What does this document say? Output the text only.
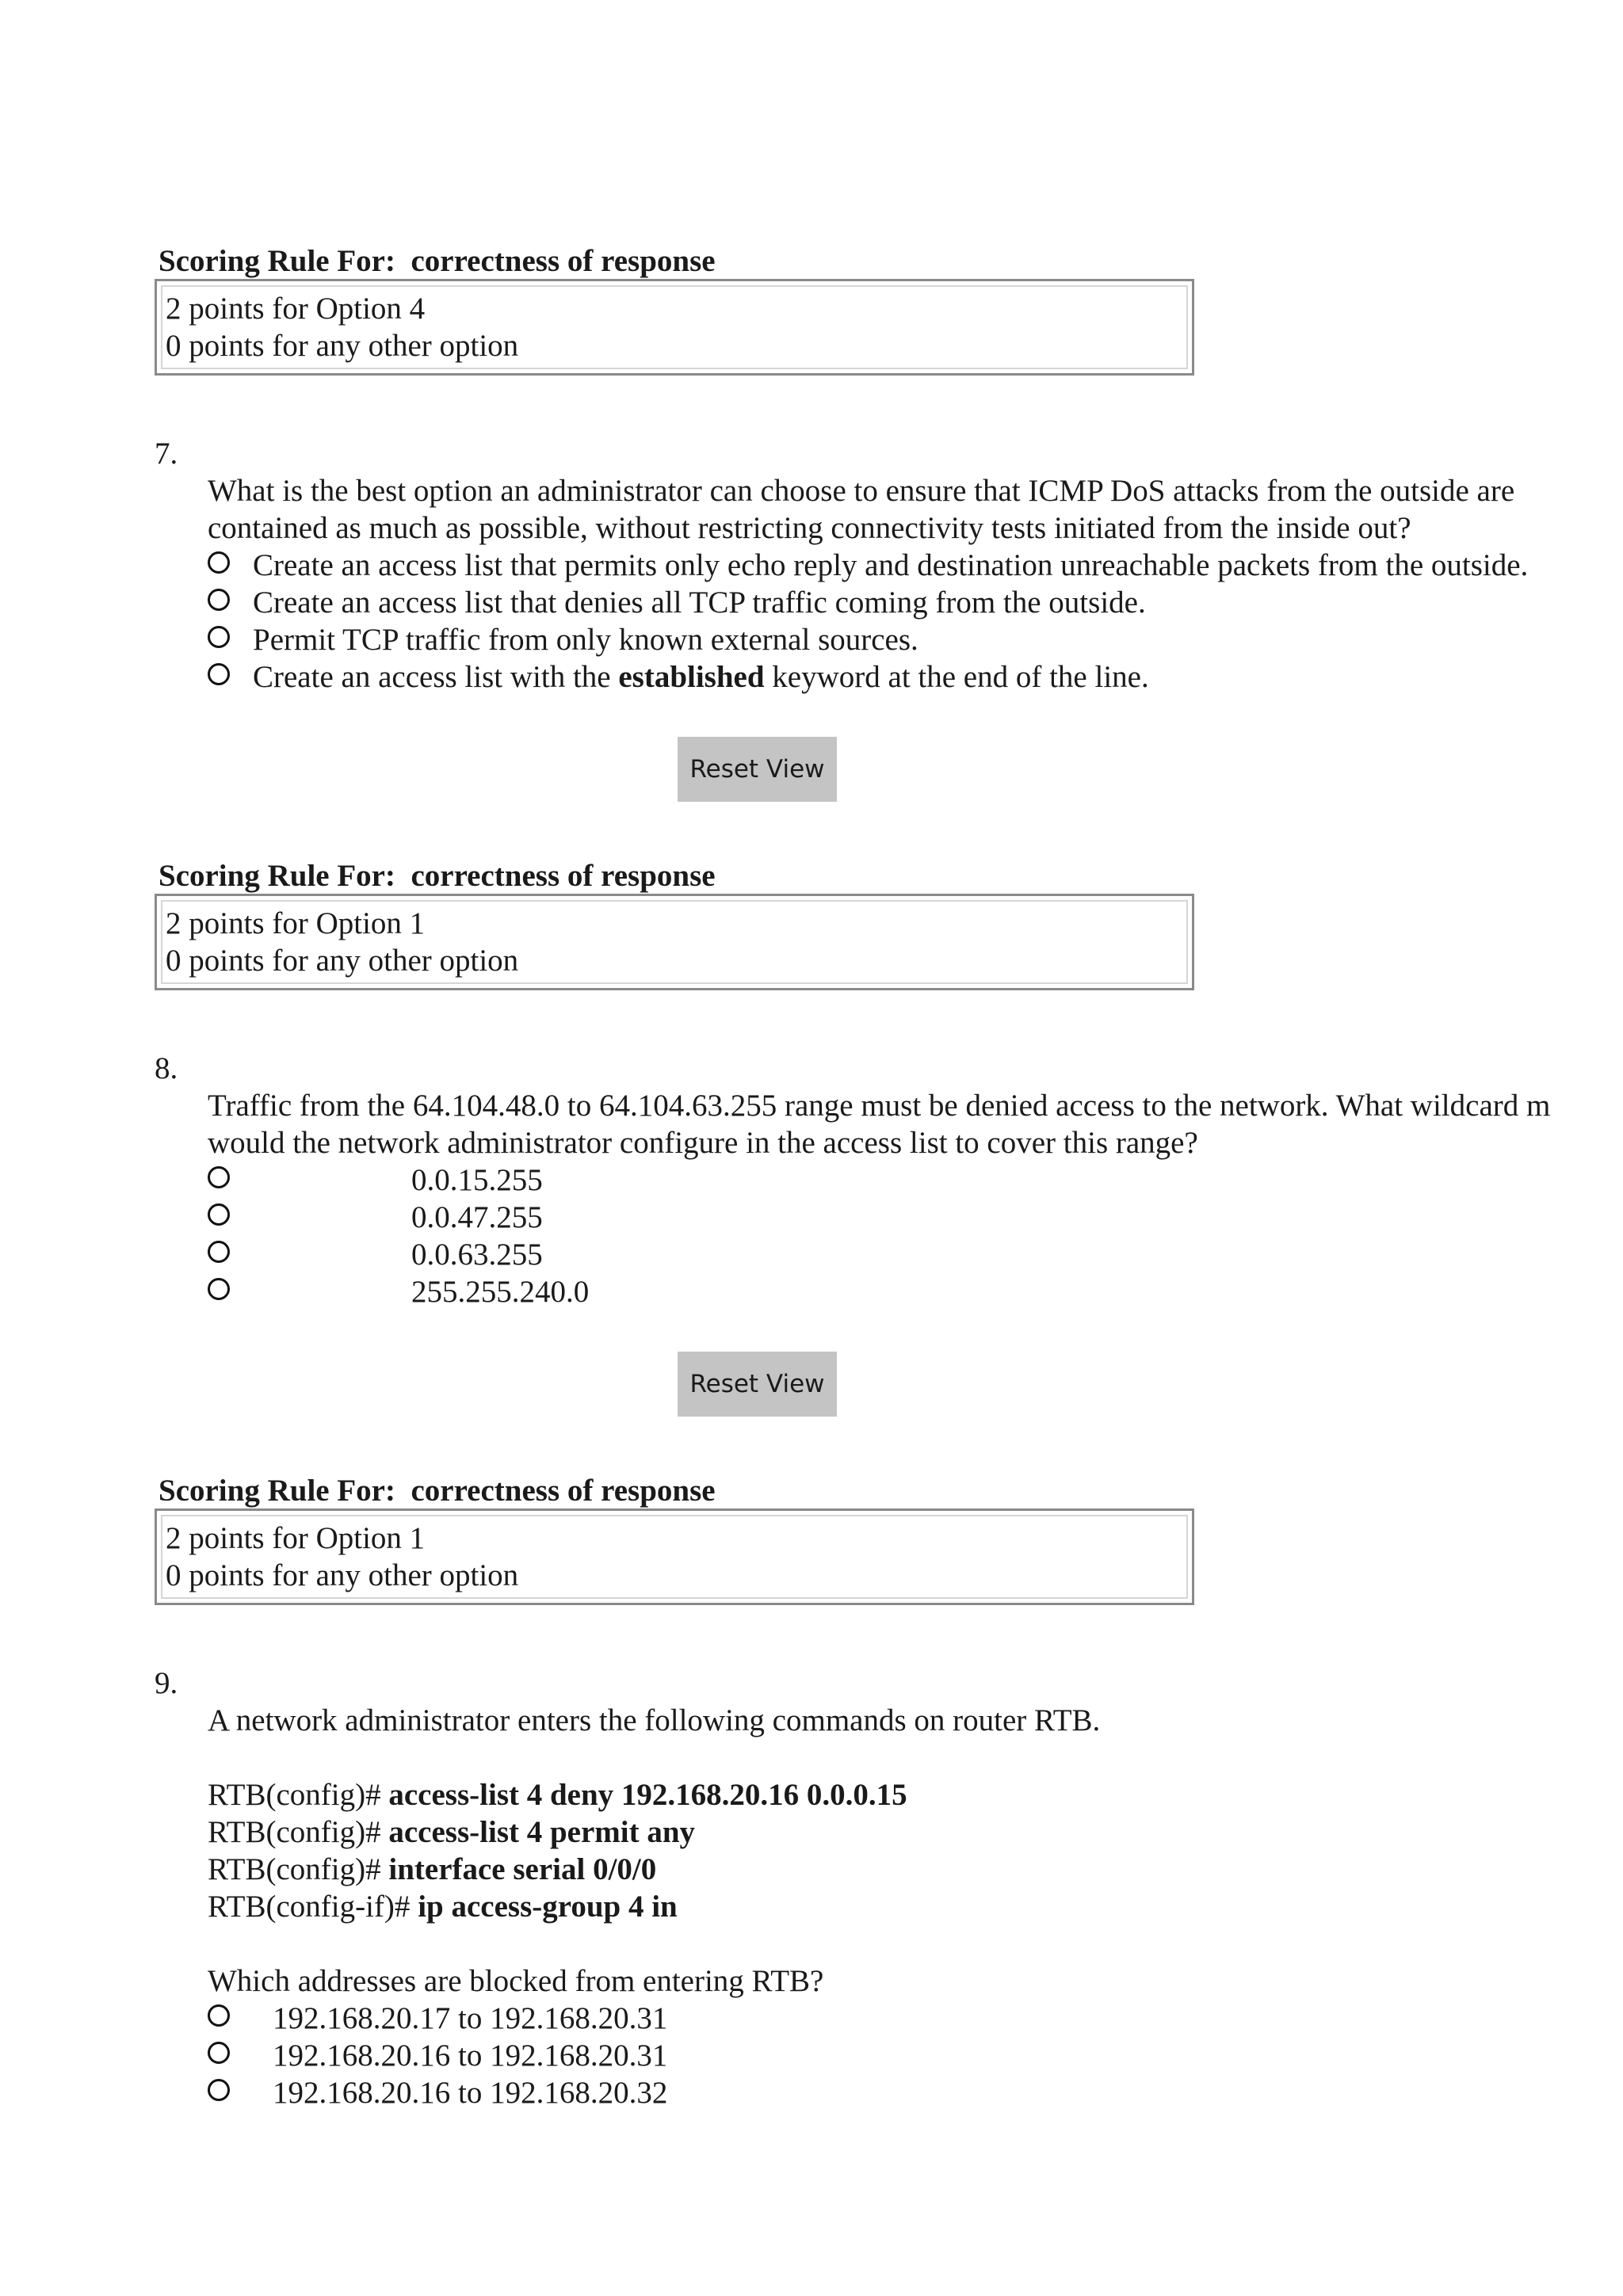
Scoring Rule For:  correctness of response
2 points for Option 4
0 points for any other option
7.
What is the best option an administrator can choose to ensure that ICMP DoS attacks from the outside are
contained as much as possible, without restricting connectivity tests initiated from the inside out?
Create an access list that permits only echo reply and destination unreachable packets from the outside.
Create an access list that denies all TCP traffic coming from the outside.
Permit TCP traffic from only known external sources.
Create an access list with the established keyword at the end of the line.
Reset View
Scoring Rule For:  correctness of response
2 points for Option 1
0 points for any other option
8.
Traffic from the 64.104.48.0 to 64.104.63.255 range must be denied access to the network. What wildcard m
would the network administrator configure in the access list to cover this range?
0.0.15.255
0.0.47.255
0.0.63.255
255.255.240.0
Reset View
Scoring Rule For:  correctness of response
2 points for Option 1
0 points for any other option
9.
A network administrator enters the following commands on router RTB.
RTB(config)# access-list 4 deny 192.168.20.16 0.0.0.15
RTB(config)# access-list 4 permit any
RTB(config)# interface serial 0/0/0
RTB(config-if)# ip access-group 4 in
Which addresses are blocked from entering RTB?
192.168.20.17 to 192.168.20.31
192.168.20.16 to 192.168.20.31
192.168.20.16 to 192.168.20.32
